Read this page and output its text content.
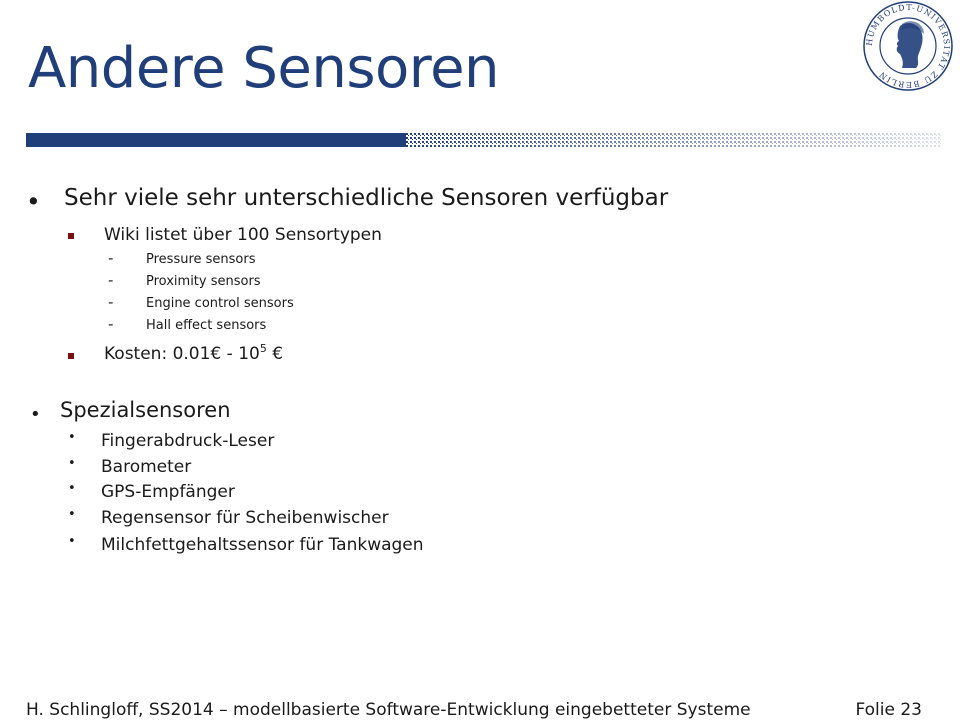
Andere Sensoren	HUMBOLDT-UNIVERSITÄT ZU BERLIN
• Sehr viele sehr unterschiedliche Sensoren verfügbar
Wiki listet über 100 Sensortypen
-	Pressure sensors
-	Proximity sensors
-	Engine control sensors
-	Hall effect sensors
Kosten: 0.01€ - $10^5$ €
• Spezialsensoren
• Fingerabdruck-Leser
• Barometer
• GPS-Empfänger
• Regensensor für Scheibenwischer
• Milchfettgehaltssensor für Tankwagen
H. Schlingloff, SS2014 – modellbasierte Software-Entwicklung eingebetteter Systeme	Folie 23
